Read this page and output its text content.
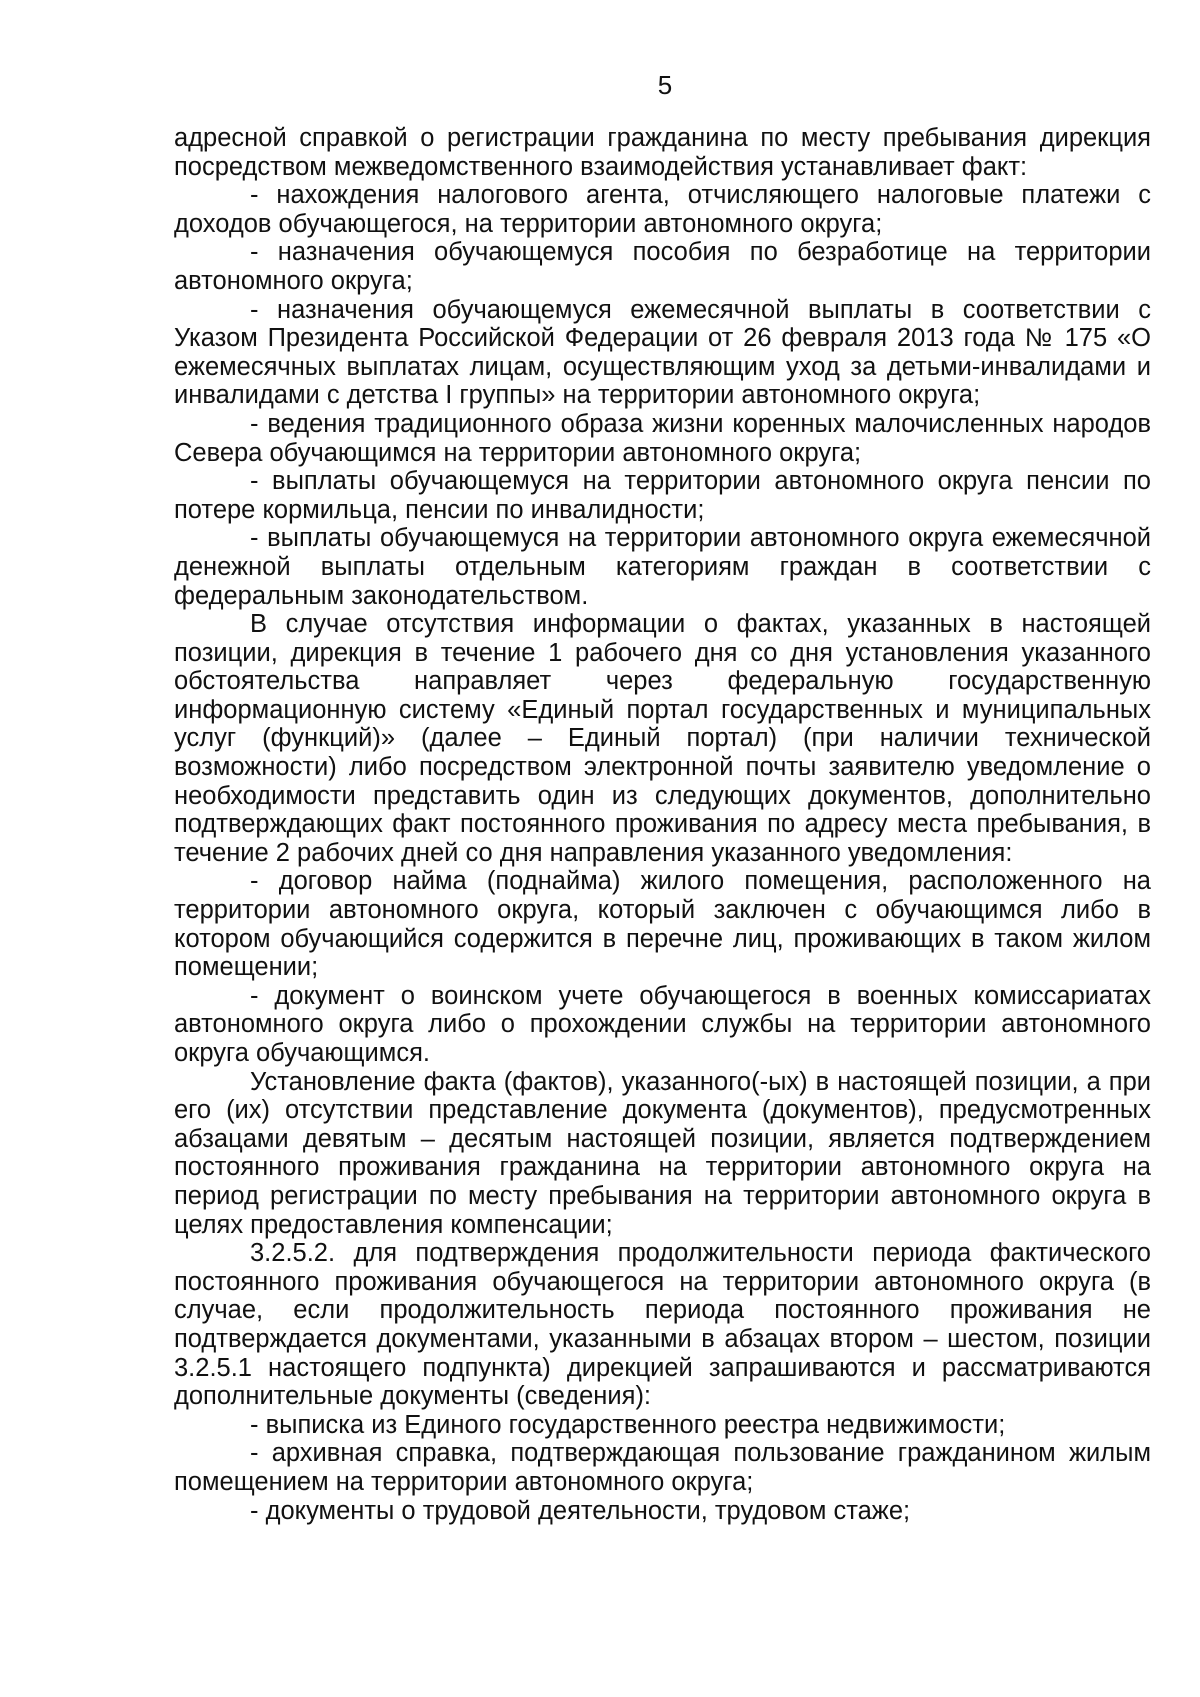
5

адресной справкой о регистрации гражданина по месту пребывания дирекция посредством межведомственного взаимодействия устанавливает факт:

- нахождения налогового агента, отчисляющего налоговые платежи с доходов обучающегося, на территории автономного округа;

- назначения обучающемуся пособия по безработице на территории автономного округа;

- назначения обучающемуся ежемесячной выплаты в соответствии с Указом Президента Российской Федерации от 26 февраля 2013 года № 175 «О ежемесячных выплатах лицам, осуществляющим уход за детьми-инвалидами и инвалидами с детства I группы» на территории автономного округа;

- ведения традиционного образа жизни коренных малочисленных народов Севера обучающимся на территории автономного округа;

- выплаты обучающемуся на территории автономного округа пенсии по потере кормильца, пенсии по инвалидности;

- выплаты обучающемуся на территории автономного округа ежемесячной денежной выплаты отдельным категориям граждан в соответствии с федеральным законодательством.

В случае отсутствия информации о фактах, указанных в настоящей позиции, дирекция в течение 1 рабочего дня со дня установления указанного обстоятельства направляет через федеральную государственную информационную систему «Единый портал государственных и муниципальных услуг (функций)» (далее – Единый портал) (при наличии технической возможности) либо посредством электронной почты заявителю уведомление о необходимости представить один из следующих документов, дополнительно подтверждающих факт постоянного проживания по адресу места пребывания, в течение 2 рабочих дней со дня направления указанного уведомления:

- договор найма (поднайма) жилого помещения, расположенного на территории автономного округа, который заключен с обучающимся либо в котором обучающийся содержится в перечне лиц, проживающих в таком жилом помещении;

- документ о воинском учете обучающегося в военных комиссариатах автономного округа либо о прохождении службы на территории автономного округа обучающимся.

Установление факта (фактов), указанного(-ых) в настоящей позиции, а при его (их) отсутствии представление документа (документов), предусмотренных абзацами девятым – десятым настоящей позиции, является подтверждением постоянного проживания гражданина на территории автономного округа на период регистрации по месту пребывания на территории автономного округа в целях предоставления компенсации;

3.2.5.2. для подтверждения продолжительности периода фактического постоянного проживания обучающегося на территории автономного округа (в случае, если продолжительность периода постоянного проживания не подтверждается документами, указанными в абзацах втором – шестом, позиции 3.2.5.1 настоящего подпункта) дирекцией запрашиваются и рассматриваются дополнительные документы (сведения):

- выписка из Единого государственного реестра недвижимости;

- архивная справка, подтверждающая пользование гражданином жилым помещением на территории автономного округа;

- документы о трудовой деятельности, трудовом стаже;
